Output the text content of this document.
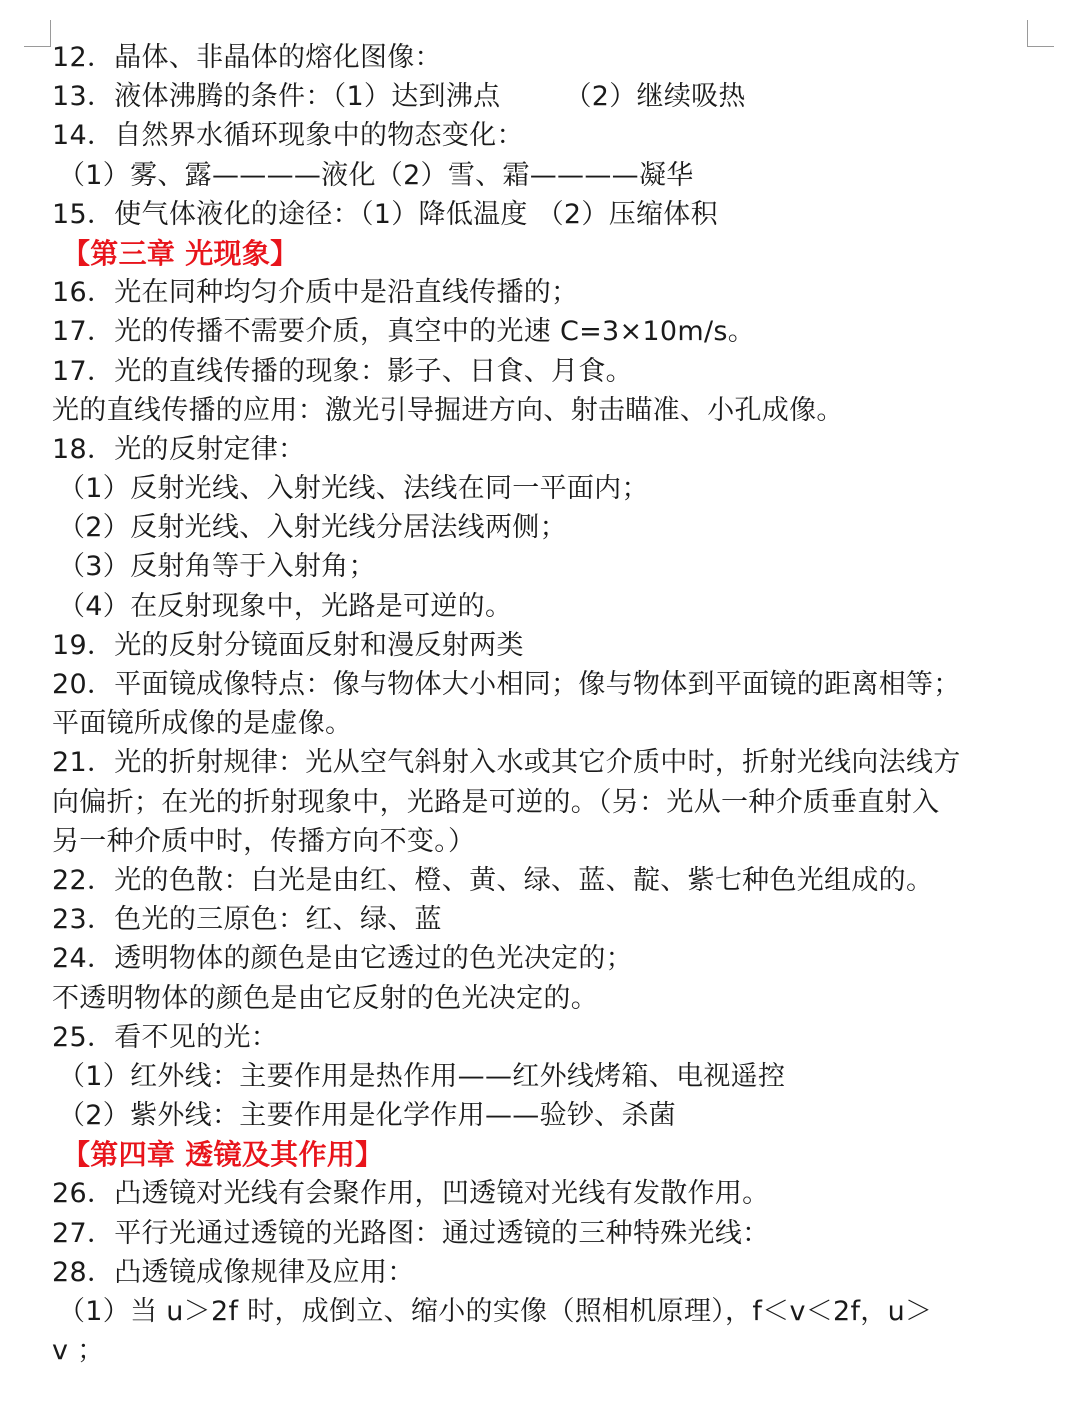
12．晶体、非晶体的熔化图像：
13．液体沸腾的条件：（1）达到沸点 （2）继续吸热
14．自然界水循环现象中的物态变化：
（1）雾、露————液化（2）雪、霜————凝华
15．使气体液化的途径：（1）降低温度 （2）压缩体积
【第三章 光现象】
16．光在同种均匀介质中是沿直线传播的；
17．光的传播不需要介质，真空中的光速 C=3×10m/s。
17．光的直线传播的现象：影子、日食、月食。
光的直线传播的应用：激光引导掘进方向、射击瞄准、小孔成像。
18．光的反射定律：
（1）反射光线、入射光线、法线在同一平面内；
（2）反射光线、入射光线分居法线两侧；
（3）反射角等于入射角；
（4）在反射现象中，光路是可逆的。
19．光的反射分镜面反射和漫反射两类
20．平面镜成像特点：像与物体大小相同；像与物体到平面镜的距离相等；
平面镜所成像的是虚像。
21．光的折射规律：光从空气斜射入水或其它介质中时，折射光线向法线方
向偏折；在光的折射现象中，光路是可逆的。（另：光从一种介质垂直射入
另一种介质中时，传播方向不变。）
22．光的色散：白光是由红、橙、黄、绿、蓝、靛、紫七种色光组成的。
23．色光的三原色：红、绿、蓝
24．透明物体的颜色是由它透过的色光决定的；
不透明物体的颜色是由它反射的色光决定的。
25．看不见的光：
（1）红外线：主要作用是热作用——红外线烤箱、电视遥控
（2）紫外线：主要作用是化学作用——验钞、杀菌
【第四章 透镜及其作用】
26．凸透镜对光线有会聚作用，凹透镜对光线有发散作用。
27．平行光通过透镜的光路图：通过透镜的三种特殊光线：
28．凸透镜成像规律及应用：
（1）当 u＞2f 时，成倒立、缩小的实像（照相机原理），f＜v＜2f，u＞
v ；
